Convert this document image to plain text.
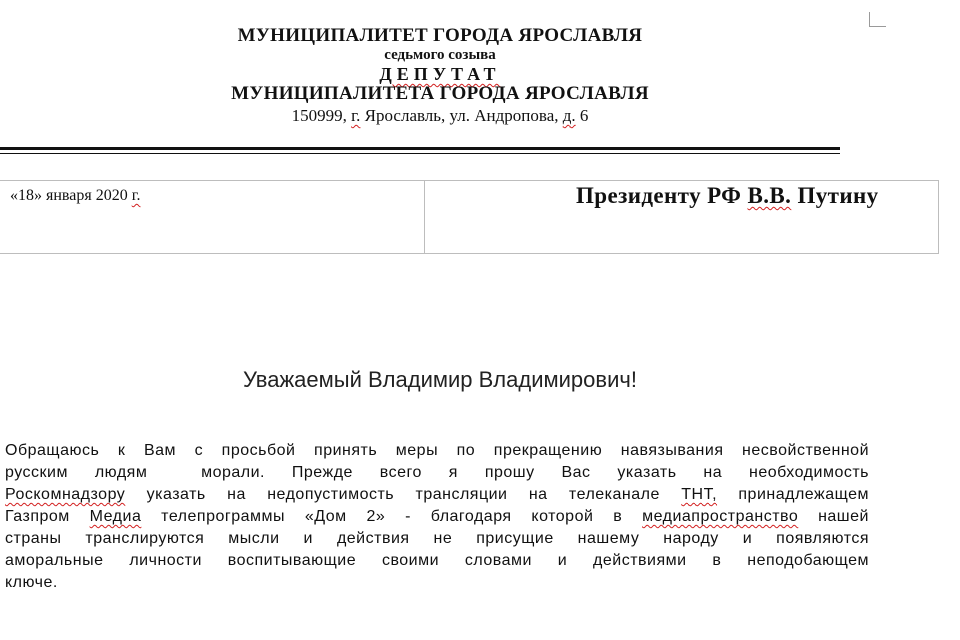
МУНИЦИПАЛИТЕТ ГОРОДА ЯРОСЛАВЛЯ

седьмого созыва

ДЕПУТАТ

МУНИЦИПАЛИТЕТА ГОРОДА ЯРОСЛАВЛЯ

150999, г. Ярославль, ул. Андропова, д. 6

«18» января 2020 г.	Президенту РФ В.В. Путину
Уважаемый Владимир Владимирович!

Обращаюсь к Вам с просьбой принять меры по прекращению навязывания несвойственной
русским людям  морали. Прежде всего я прошу Вас указать на необходимость
Роскомнадзору указать на недопустимость трансляции на телеканале ТНТ, принадлежащем
Газпром Медиа телепрограммы «Дом 2» - благодаря которой в медиапространство нашей
страны транслируются мысли и действия не присущие нашему народу и появляются
аморальные личности воспитывающие своими словами и действиями в неподобающем
ключе.
